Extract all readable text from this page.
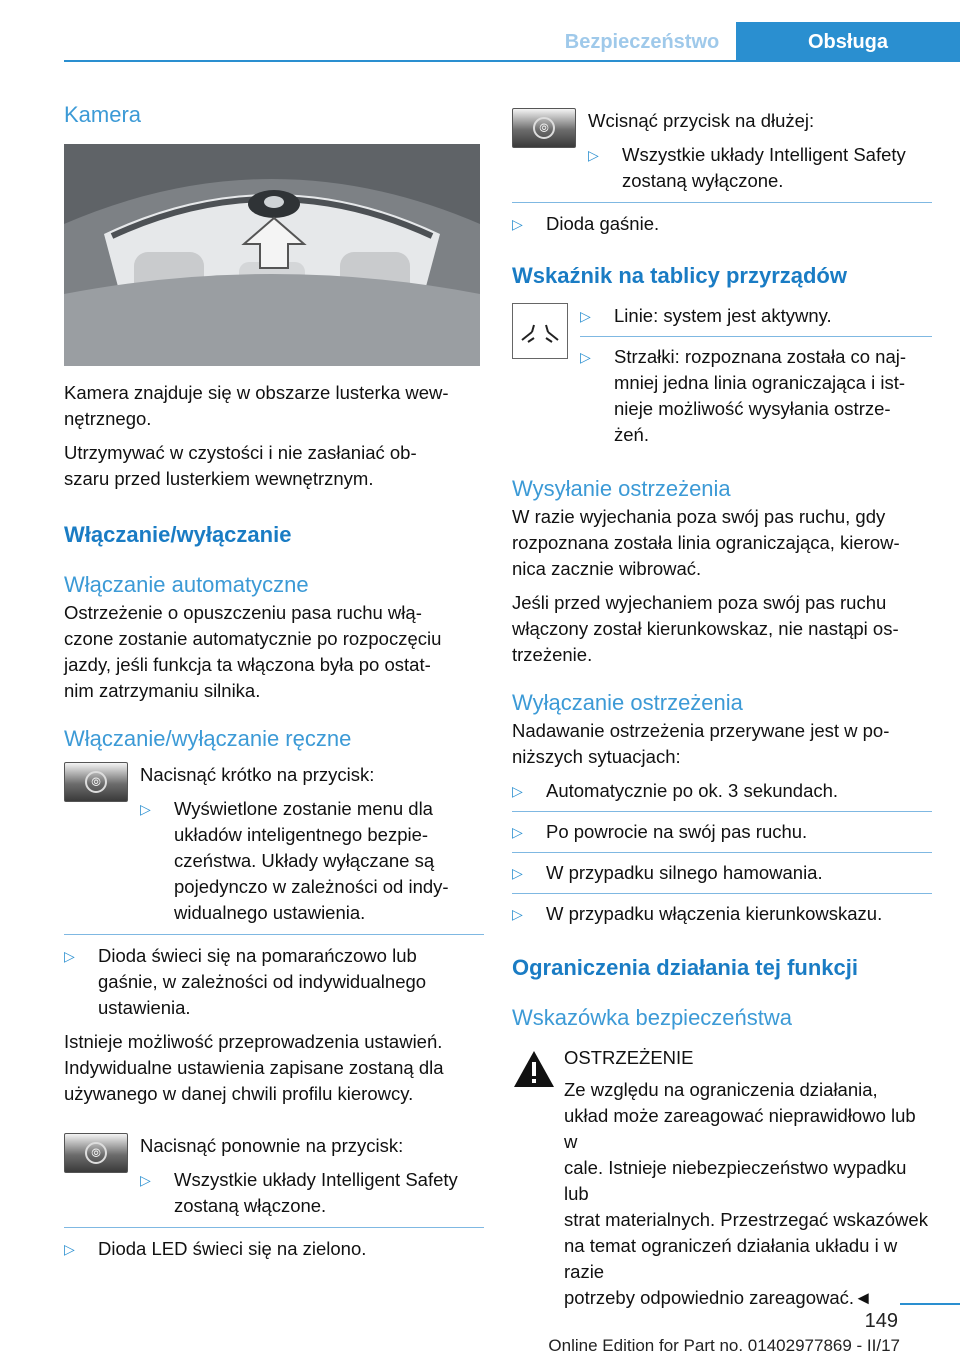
Bezpieczeństwo	Obsługa
Kamera

Kamera znajduje się w obszarze lusterka wew-
nętrznego.

Utrzymywać w czystości i nie zasłaniać ob-
szaru przed lusterkiem wewnętrznym.

Włączanie/wyłączanie
Włączanie automatyczne

Ostrzeżenie o opuszczeniu pasa ruchu włą-
czone zostanie automatycznie po rozpoczęciu
jazdy, jeśli funkcja ta włączona była po ostat-
nim zatrzymaniu silnika.

Włączanie/wyłączanie ręczne
⦾	Nacisnąć krótko na przycisk:

▷ Wyświetlone zostanie menu dla
układów inteligentnego bezpie-
czeństwa. Układy wyłączane są
pojedynczo w zależności od indy-
widualnego ustawienia.
▷ Dioda świeci się na pomarańczowo lub
gaśnie, w zależności od indywidualnego
ustawienia.

Istnieje możliwość przeprowadzenia ustawień.
Indywidualne ustawienia zapisane zostaną dla
używanego w danej chwili profilu kierowcy.

⦾	Nacisnąć ponownie na przycisk:

▷ Wszystkie układy Intelligent Safety
zostaną włączone.
▷ Dioda LED świeci się na zielono.
⦾	Wcisnąć przycisk na dłużej:

▷ Wszystkie układy Intelligent Safety
zostaną wyłączone.
▷ Dioda gaśnie.
Wskaźnik na tablicy przyrządów
▷ Linie: system jest aktywny.
▷ Strzałki: rozpoznana została co naj-
mniej jedna linia ograniczająca i ist-
nieje możliwość wysyłania ostrze-
żeń.
Wysyłanie ostrzeżenia

W razie wyjechania poza swój pas ruchu, gdy
rozpoznana została linia ograniczająca, kierow-
nica zacznie wibrować.

Jeśli przed wyjechaniem poza swój pas ruchu
włączony został kierunkowskaz, nie nastąpi os-
trzeżenie.

Wyłączanie ostrzeżenia

Nadawanie ostrzeżenia przerywane jest w po-
niższych sytuacjach:

▷ Automatycznie po ok. 3 sekundach.
▷ Po powrocie na swój pas ruchu.
▷ W przypadku silnego hamowania.
▷ W przypadku włączenia kierunkowskazu.
Ograniczenia działania tej funkcji
Wskazówka bezpieczeństwa

OSTRZEŻENIE

Ze względu na ograniczenia działania,
układ może zareagować nieprawidłowo lub w
cale. Istnieje niebezpieczeństwo wypadku lub
strat materialnych. Przestrzegać wskazówek
na temat ograniczeń działania układu i w razie
potrzeby odpowiednio zareagować.◄

149
Online Edition for Part no. 01402977869 - II/17
